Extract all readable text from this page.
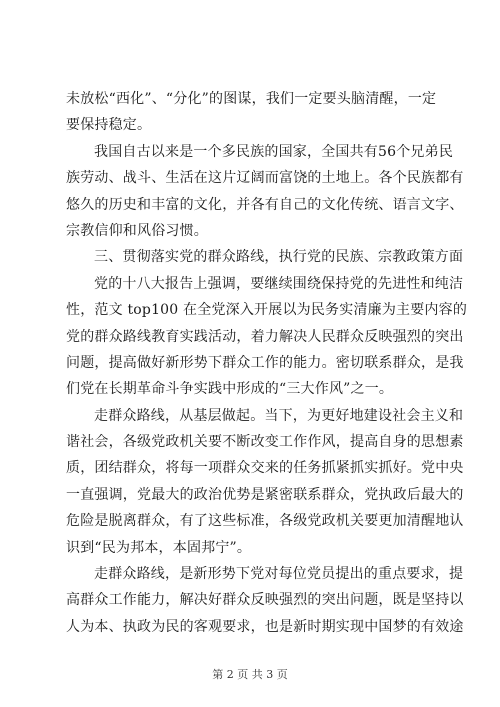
未放松“西化”、“分化”的图谋，我们一定要头脑清醒，一定
要保持稳定。
我国自古以来是一个多民族的国家，全国共有56个兄弟民
族劳动、战斗、生活在这片辽阔而富饶的土地上。各个民族都有
悠久的历史和丰富的文化，并各有自己的文化传统、语言文字、
宗教信仰和风俗习惯。
三、贯彻落实党的群众路线，执行党的民族、宗教政策方面
党的十八大报告上强调，要继续围绕保持党的先进性和纯洁
性，范文 top100 在全党深入开展以为民务实清廉为主要内容的
党的群众路线教育实践活动，着力解决人民群众反映强烈的突出
问题，提高做好新形势下群众工作的能力。密切联系群众，是我
们党在长期革命斗争实践中形成的“三大作风”之一。
走群众路线，从基层做起。当下，为更好地建设社会主义和
谐社会，各级党政机关要不断改变工作作风，提高自身的思想素
质，团结群众，将每一项群众交来的任务抓紧抓实抓好。党中央
一直强调，党最大的政治优势是紧密联系群众，党执政后最大的
危险是脱离群众，有了这些标准，各级党政机关要更加清醒地认
识到“民为邦本，本固邦宁”。
走群众路线，是新形势下党对每位党员提出的重点要求，提
高群众工作能力，解决好群众反映强烈的突出问题，既是坚持以
人为本、执政为民的客观要求，也是新时期实现中国梦的有效途
第 2 页 共 3 页
